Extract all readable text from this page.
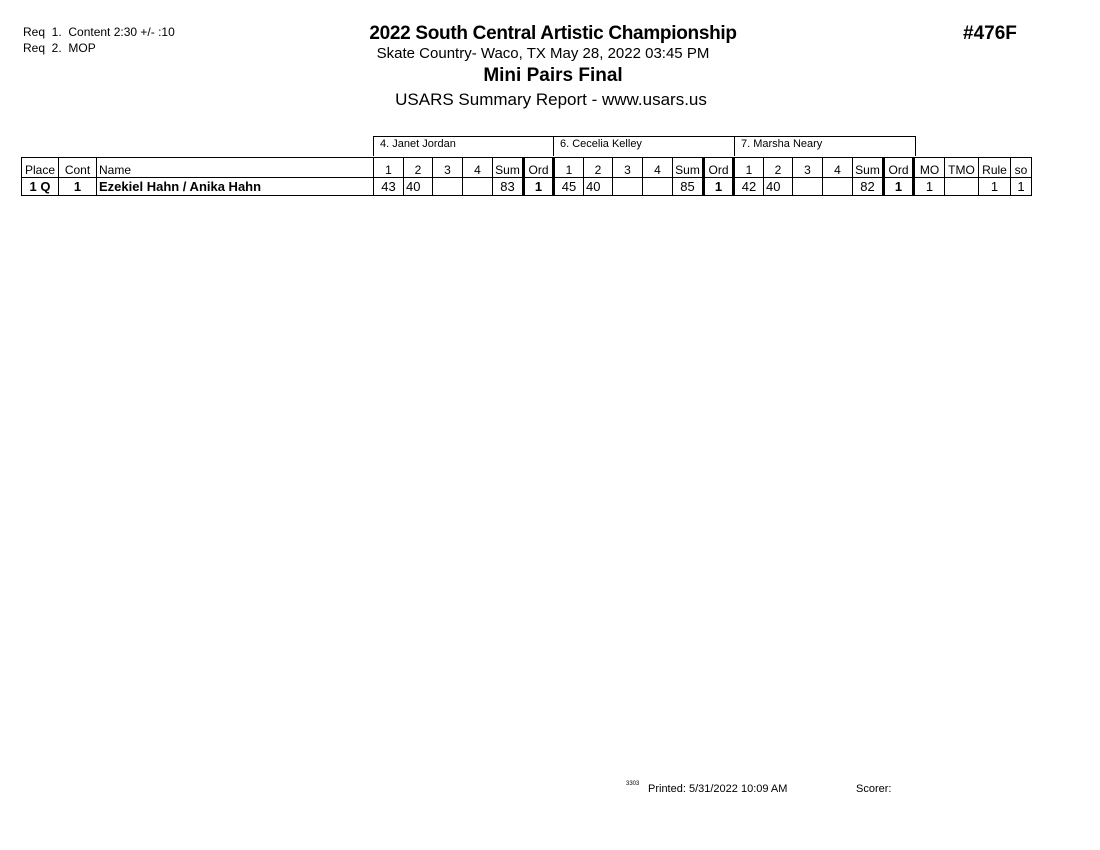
Req  1.  Content 2:30 +/- :10
Req  2.  MOP
2022 South Central Artistic Championship
Skate Country- Waco, TX May 28, 2022 03:45 PM
Mini Pairs Final
USARS Summary Report - www.usars.us
#476F
4. Janet Jordan	6. Cecelia Kelley	7. Marsha Neary
Place	Cont	Name	1	2	3	4	Sum	Ord	1	2	3	4	Sum	Ord	1	2	3	4	Sum	Ord	MO	TMO	Rule	so
1 Q	1	Ezekiel Hahn / Anika Hahn	43	40			83	1	45	40			85	1	42	40			82	1	1		1	1
3303 Printed: 5/31/2022 10:09 AM	Scorer:
